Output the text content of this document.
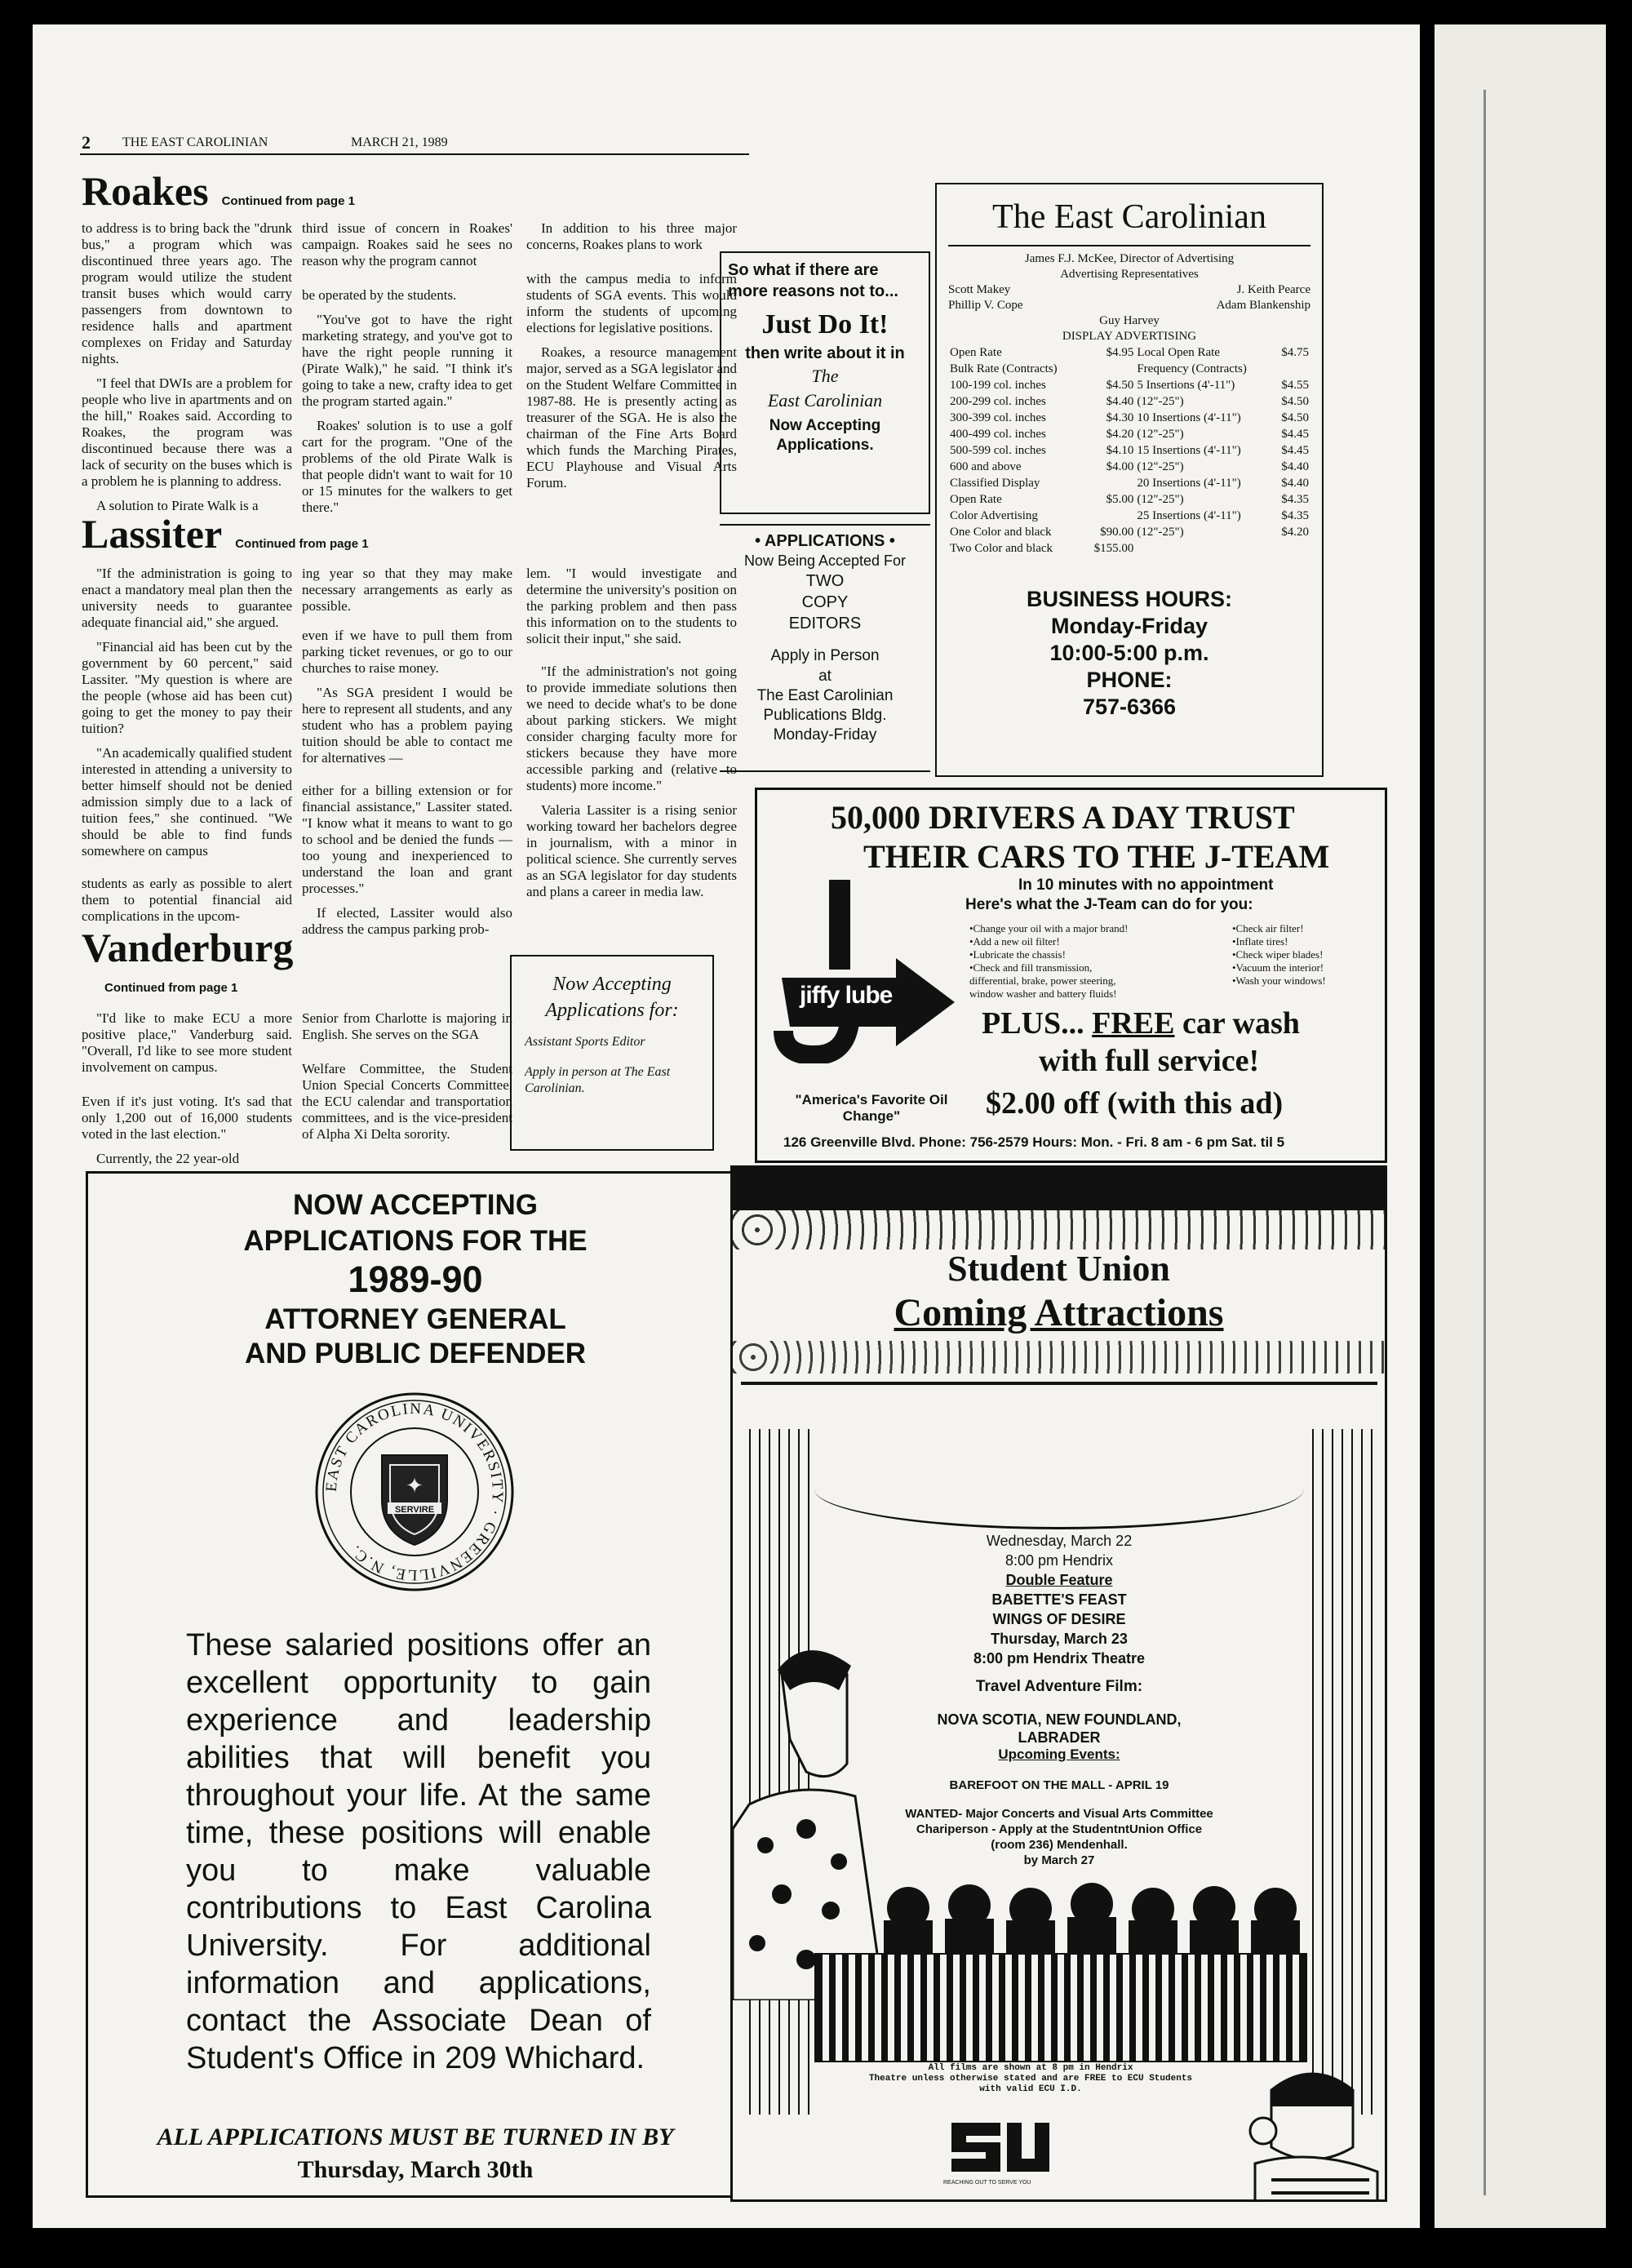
2 THE EAST CAROLINIAN	MARCH 21, 1989
Roakes Continued from page 1

to address is to bring back the "drunk bus," a program which was discontinued three years ago. The program would utilize the student transit buses which would carry passengers from downtown to residence halls and apartment complexes on Friday and Saturday nights.

"I feel that DWIs are a problem for people who live in apartments and on the hill," Roakes said. According to Roakes, the program was discontinued because there was a lack of security on the buses which is a problem he is planning to address.

A solution to Pirate Walk is a

third issue of concern in Roakes' campaign. Roakes said he sees no reason why the program cannot

be operated by the students.

"You've got to have the right marketing strategy, and you've got to have the right people running it (Pirate Walk)," he said. "I think it's going to take a new, crafty idea to get the program started again."

Roakes' solution is to use a golf cart for the program. "One of the problems of the old Pirate Walk is that people didn't want to wait for 10 or 15 minutes for the walkers to get there."

In addition to his three major concerns, Roakes plans to work

with the campus media to inform students of SGA events. This would inform the students of upcoming elections for legislative positions.

Roakes, a resource management major, served as a SGA legislator and on the Student Welfare Committee in 1987-88. He is presently acting as treasurer of the SGA. He is also the chairman of the Fine Arts Board which funds the Marching Pirates, ECU Playhouse and Visual Arts Forum.

Lassiter Continued from page 1

"If the administration is going to enact a mandatory meal plan then the university needs to guarantee adequate financial aid," she argued.

"Financial aid has been cut by the government by 60 percent," said Lassiter. "My question is where are the people (whose aid has been cut) going to get the money to pay their tuition?

"An academically qualified student interested in attending a university to better himself should not be denied admission simply due to a lack of tuition fees," she continued. "We should be able to find funds somewhere on campus

students as early as possible to alert them to potential financial aid complications in the upcom-

ing year so that they may make necessary arrangements as early as possible.

even if we have to pull them from parking ticket revenues, or go to our churches to raise money.

"As SGA president I would be here to represent all students, and any student who has a problem paying tuition should be able to contact me for alternatives —

either for a billing extension or for financial assistance," Lassiter stated. "I know what it means to want to go to school and be denied the funds — too young and inexperienced to understand the loan and grant processes."

If elected, Lassiter would also address the campus parking prob-

lem. "I would investigate and determine the university's position on the parking problem and then pass this information on to the students to solicit their input," she said.

"If the administration's not going to provide immediate solutions then we need to decide what's to be done about parking stickers. We might consider charging faculty more for stickers because they have more accessible parking and (relative to students) more income."

Valeria Lassiter is a rising senior working toward her bachelors degree in journalism, with a minor in political science. She currently serves as an SGA legislator for day students and plans a career in media law.

Vanderburg
Continued from page 1

"I'd like to make ECU a more positive place," Vanderburg said. "Overall, I'd like to see more student involvement on campus.

Even if it's just voting. It's sad that only 1,200 out of 16,000 students voted in the last election."

Currently, the 22 year-old

Senior from Charlotte is majoring in English. She serves on the SGA

Welfare Committee, the Student Union Special Concerts Committee, the ECU calendar and transportation committees, and is the vice-president of Alpha Xi Delta sorority.

Now Accepting
Applications for:
Assistant Sports Editor
Apply in person at The East Carolinian.
So what if there are more reasons not to...
Just Do It!
then write about it in
The
East Carolinian
Now Accepting Applications.
• APPLICATIONS •
Now Being Accepted For
TWO
COPY
EDITORS
Apply in Person
at
The East Carolinian
Publications Bldg.
Monday-Friday
The East Carolinian
James F.J. McKee, Director of Advertising
Advertising Representatives
Scott Makey	J. Keith Pearce
Phillip V. Cope	Adam Blankenship
Guy Harvey
DISPLAY ADVERTISING
Open Rate	$4.95	Local Open Rate	$4.75
Bulk Rate (Contracts)		Frequency (Contracts)	
100-199 col. inches	$4.50	5 Insertions (4'-11")	$4.55
200-299 col. inches	$4.40	(12"-25")	$4.50
300-399 col. inches	$4.30	10 Insertions (4'-11")	$4.50
400-499 col. inches	$4.20	(12"-25")	$4.45
500-599 col. inches	$4.10	15 Insertions (4'-11")	$4.45
600 and above	$4.00	(12"-25")	$4.40
Classified Display		20 Insertions (4'-11")	$4.40
Open Rate	$5.00	(12"-25")	$4.35
Color Advertising		25 Insertions (4'-11")	$4.35
One Color and black	$90.00	(12"-25")	$4.20
Two Color and black	$155.00		
BUSINESS HOURS:
Monday-Friday
10:00-5:00 p.m.
PHONE:
757-6366
50,000 DRIVERS A DAY TRUST
THEIR CARS TO THE J-TEAM
In 10 minutes with no appointment
Here's what the J-Team can do for you:
•Change your oil with a major brand!
•Add a new oil filter!
•Lubricate the chassis!
•Check and fill transmission,
differential, brake, power steering,
window washer and battery fluids!
•Check air filter!
•Inflate tires!
•Check wiper blades!
•Vacuum the interior!
•Wash your windows!
jiffy lube
"America's Favorite Oil Change"
PLUS... FREE car wash
with full service!
$2.00 off (with this ad)
126 Greenville Blvd. Phone: 756-2579 Hours: Mon. - Fri. 8 am - 6 pm Sat. til 5
NOW ACCEPTING
APPLICATIONS FOR THE
1989-90
ATTORNEY GENERAL
AND PUBLIC DEFENDER
EAST CAROLINA UNIVERSITY · GREENVILLE, N.C.
SERVIRE
✦
These salaried positions offer an excellent opportunity to gain experience and leadership abilities that will benefit you throughout your life. At the same time, these positions will enable you to make valuable contributions to East Carolina University. For additional information and applications, contact the Associate Dean of Student's Office in 209 Whichard.
ALL APPLICATIONS MUST BE TURNED IN BY
Thursday, March 30th
Student Union
Coming Attractions
Wednesday, March 22
8:00 pm Hendrix
Double Feature
BABETTE'S FEAST
WINGS OF DESIRE
Thursday, March 23
8:00 pm Hendrix Theatre
Travel Adventure Film:
NOVA SCOTIA, NEW FOUNDLAND,
LABRADER
Upcoming Events:
BAREFOOT ON THE MALL - APRIL 19
WANTED- Major Concerts and Visual Arts Committee
Chariperson - Apply at the StudentntUnion Office
(room 236) Mendenhall.
by March 27
All films are shown at 8 pm in Hendrix
Theatre unless otherwise stated and are FREE to ECU Students
with valid ECU I.D.
REACHING OUT TO SERVE YOU
